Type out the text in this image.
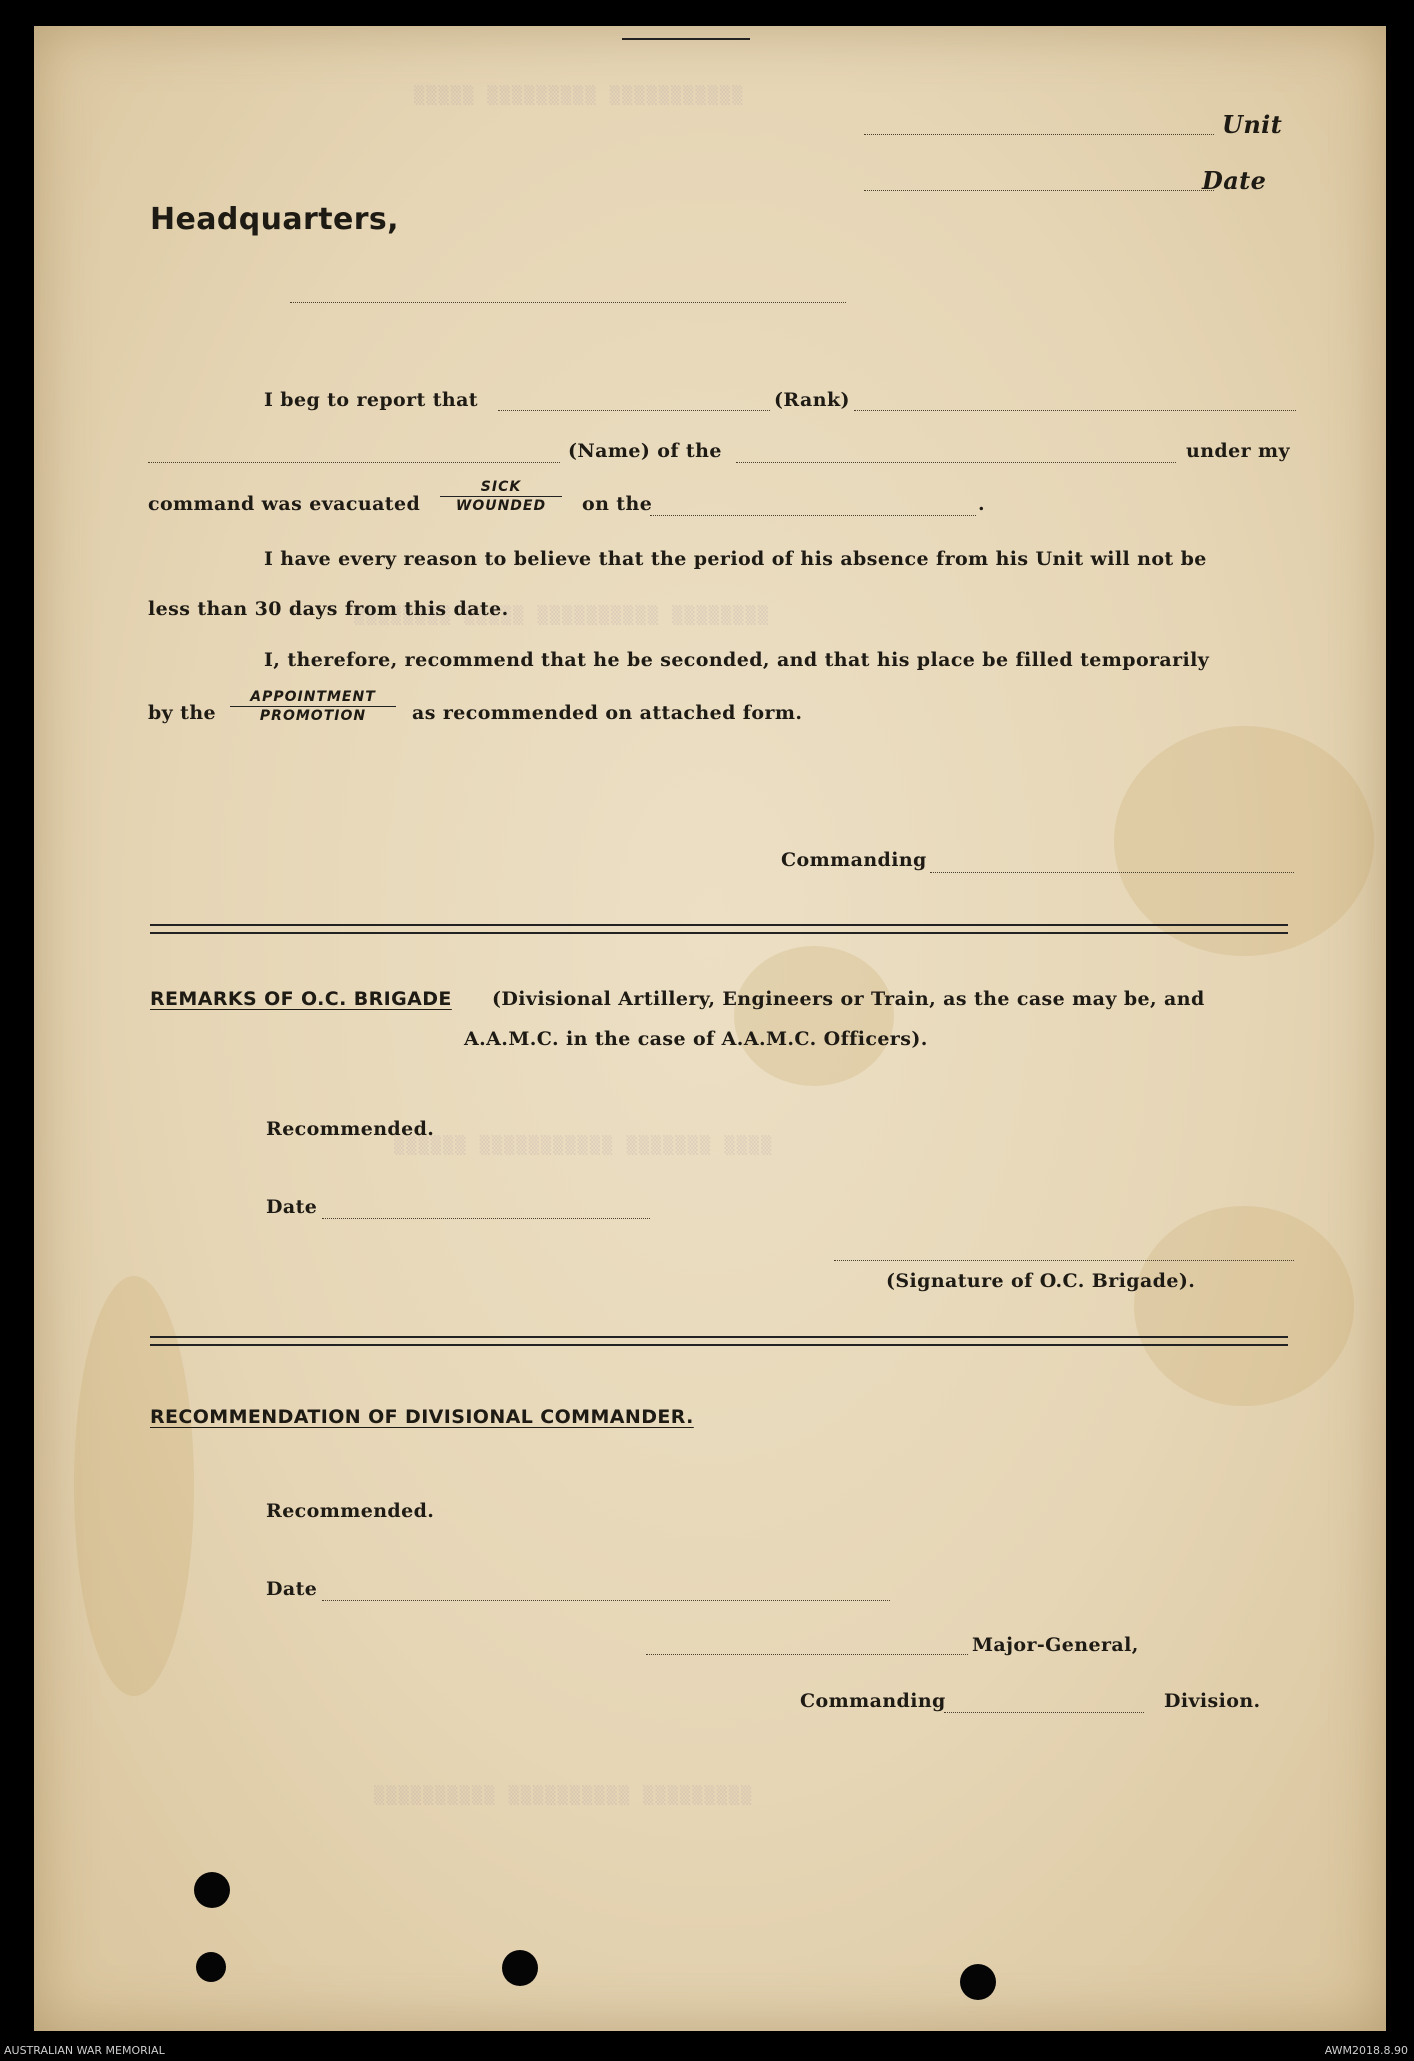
▒▒▒▒▒ ▒▒▒▒▒▒▒▒▒ ▒▒▒▒▒▒▒▒▒▒▒
▒▒▒▒▒▒▒▒ ▒▒▒▒▒ ▒▒▒▒▒▒▒▒▒▒ ▒▒▒▒▒▒▒▒
▒▒▒▒▒▒ ▒▒▒▒▒▒▒▒▒▒▒ ▒▒▒▒▒▒▒ ▒▒▒▒
▒▒▒▒▒▒▒▒▒▒ ▒▒▒▒▒▒▒▒▒▒ ▒▒▒▒▒▒▒▒▒
Unit
Date
Headquarters,
I beg to report that	(Rank)
(Name) of the	under my
command was evacuated
SICK
WOUNDED	on the	.
I have every reason to believe that the period of his absence from his Unit will not be
less than 30 days from this date.
I, therefore, recommend that he be seconded, and that his place be filled temporarily
by the
APPOINTMENT
PROMOTION	as recommended on attached form.
Commanding
REMARKS OF O.C. BRIGADE (Divisional Artillery, Engineers or Train, as the case may be, and
A.A.M.C. in the case of A.A.M.C. Officers).
Recommended.
Date
(Signature of O.C. Brigade).
RECOMMENDATION OF DIVISIONAL COMMANDER.
Recommended.
Date
Major-General,
Commanding	Division.
AUSTRALIAN WAR MEMORIAL	AWM2018.8.90
